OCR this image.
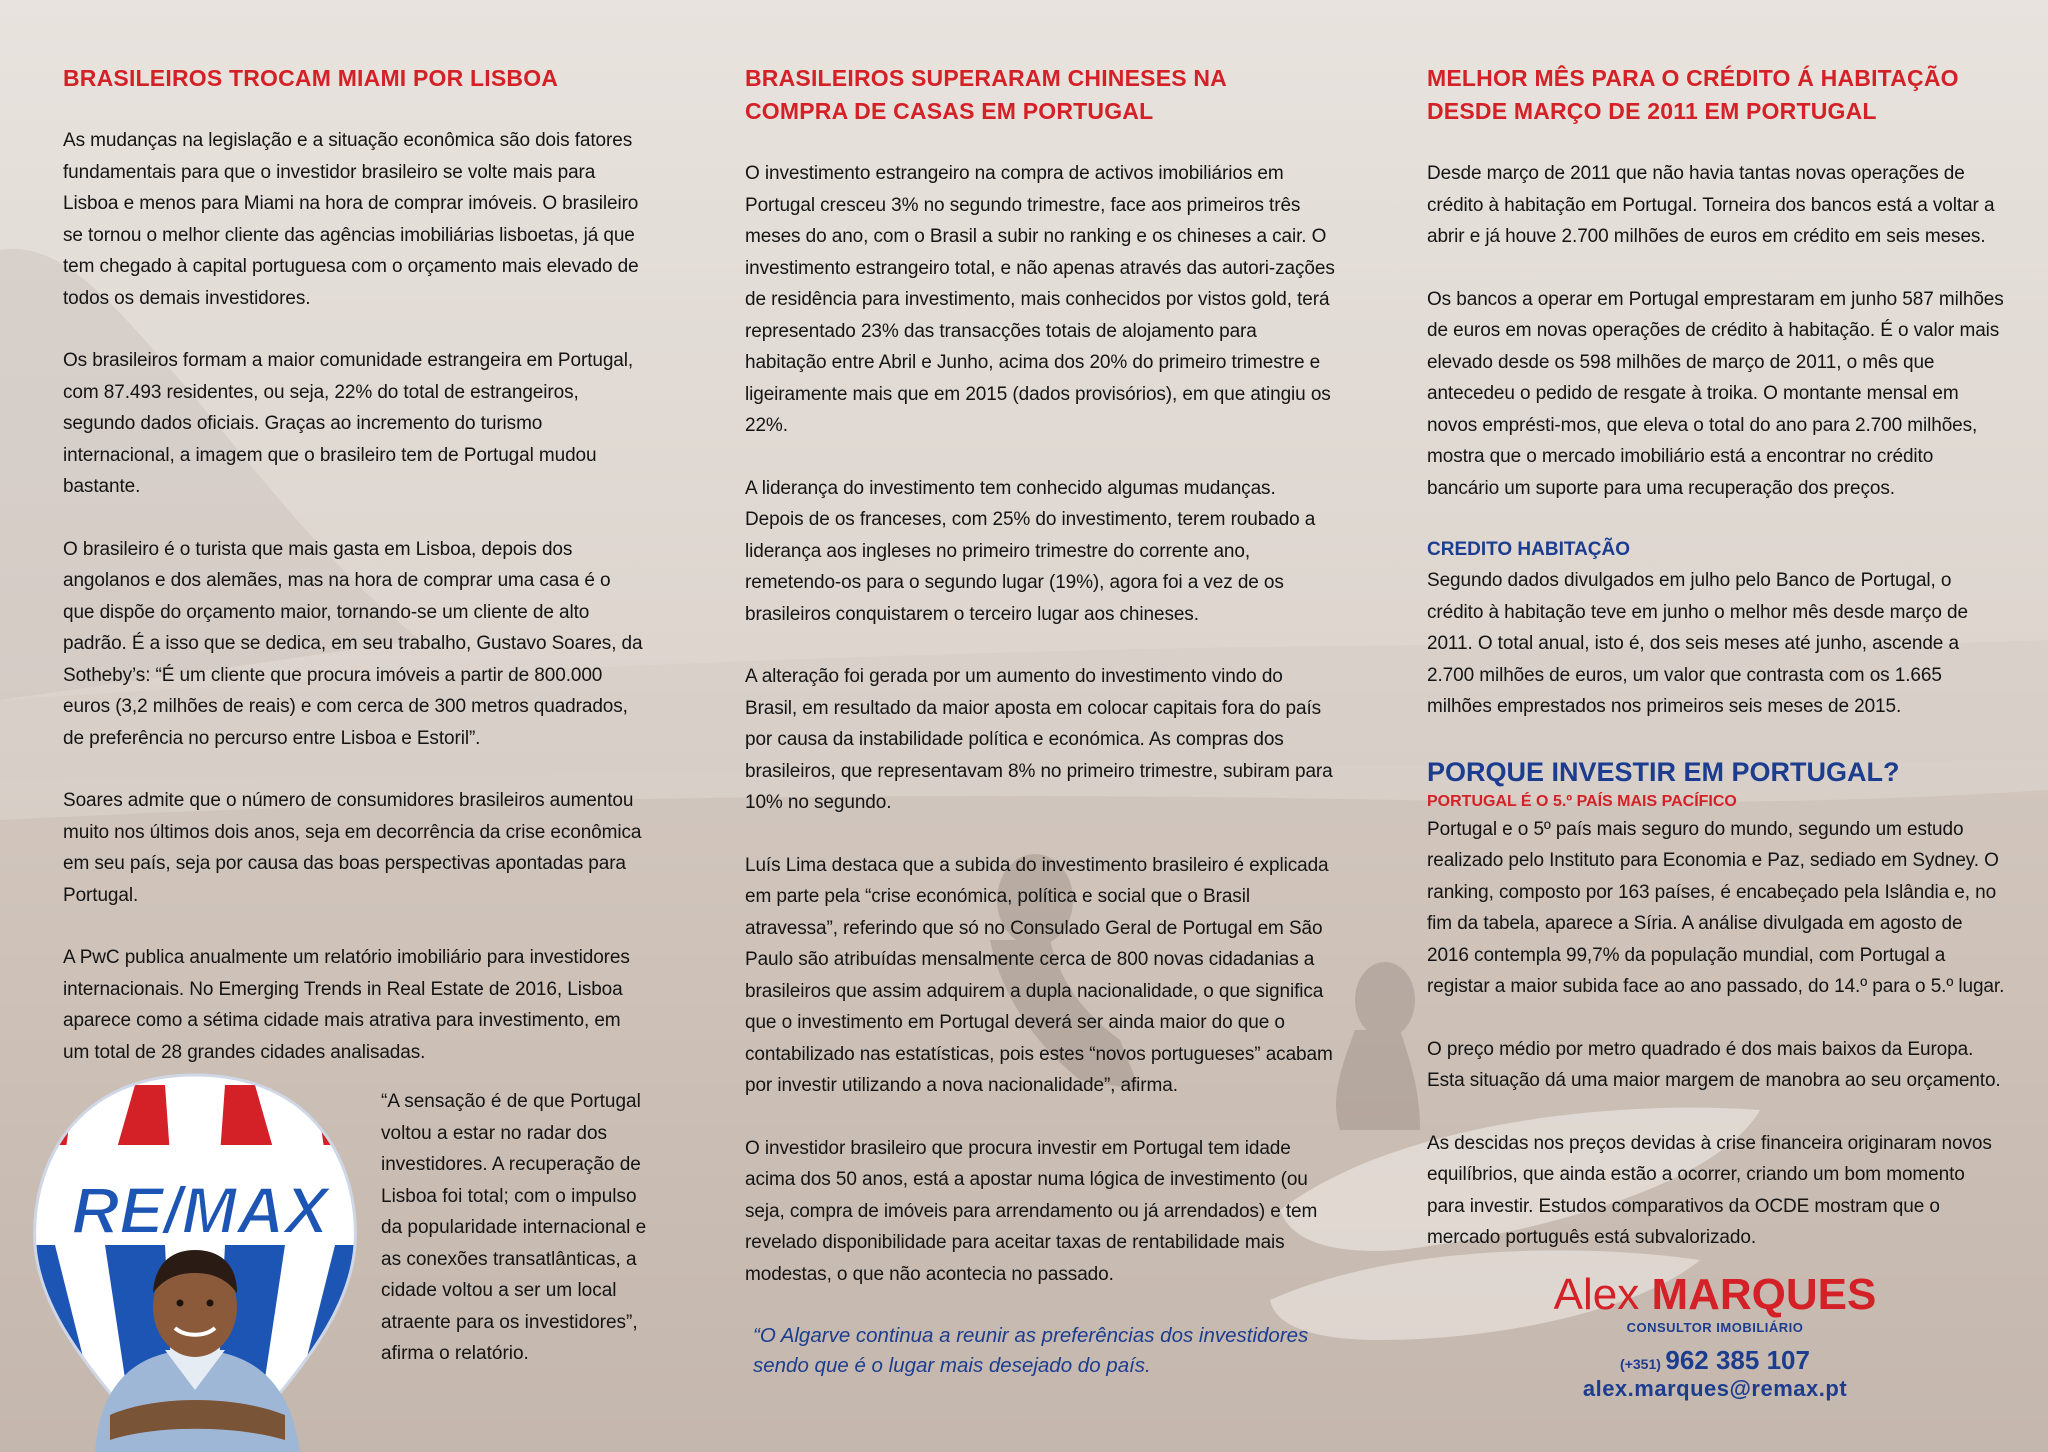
BRASILEIROS TROCAM MIAMI POR LISBOA

As mudanças na legislação e a situação econômica são dois fatores fundamentais para que o investidor brasileiro se volte mais para Lisboa e menos para Miami na hora de comprar imóveis. O brasileiro se tornou o melhor cliente das agências imobiliárias lisboetas, já que tem chegado à capital portuguesa com o orçamento mais elevado de todos os demais investidores.

Os brasileiros formam a maior comunidade estrangeira em Portugal, com 87.493 residentes, ou seja, 22% do total de estrangeiros, segundo dados oficiais. Graças ao incremento do turismo internacional, a imagem que o brasileiro tem de Portugal mudou bastante.

O brasileiro é o turista que mais gasta em Lisboa, depois dos angolanos e dos alemães, mas na hora de comprar uma casa é o que dispõe do orçamento maior, tornando-se um cliente de alto padrão. É a isso que se dedica, em seu trabalho, Gustavo Soares, da Sotheby’s: “É um cliente que procura imóveis a partir de 800.000 euros (3,2 milhões de reais) e com cerca de 300 metros quadrados, de preferência no percurso entre Lisboa e Estoril”.

Soares admite que o número de consumidores brasileiros aumentou muito nos últimos dois anos, seja em decorrência da crise econômica em seu país, seja por causa das boas perspectivas apontadas para Portugal.

A PwC publica anualmente um relatório imobiliário para investidores internacionais. No Emerging Trends in Real Estate de 2016, Lisboa aparece como a sétima cidade mais atrativa para investimento, em um total de 28 grandes cidades analisadas.

RE/MAX
“A sensação é de que Portugal voltou a estar no radar dos investidores. A recuperação de Lisboa foi total; com o impulso da popularidade internacional e as conexões transatlânticas, a cidade voltou a ser um local atraente para os investidores”, afirma o relatório.
BRASILEIROS SUPERARAM CHINESES NA COMPRA DE CASAS EM PORTUGAL

O investimento estrangeiro na compra de activos imobiliários em Portugal cresceu 3% no segundo trimestre, face aos primeiros três meses do ano, com o Brasil a subir no ranking e os chineses a cair. O investimento estrangeiro total, e não apenas através das autori-zações de residência para investimento, mais conhecidos por vistos gold, terá representado 23% das transacções totais de alojamento para habitação entre Abril e Junho, acima dos 20% do primeiro trimestre e ligeiramente mais que em 2015 (dados provisórios), em que atingiu os 22%.

A liderança do investimento tem conhecido algumas mudanças. Depois de os franceses, com 25% do investimento, terem roubado a liderança aos ingleses no primeiro trimestre do corrente ano, remetendo-os para o segundo lugar (19%), agora foi a vez de os brasileiros conquistarem o terceiro lugar aos chineses.

A alteração foi gerada por um aumento do investimento vindo do Brasil, em resultado da maior aposta em colocar capitais fora do país por causa da instabilidade política e económica. As compras dos brasileiros, que representavam 8% no primeiro trimestre, subiram para 10% no segundo.

Luís Lima destaca que a subida do investimento brasileiro é explicada em parte pela “crise económica, política e social que o Brasil atravessa”, referindo que só no Consulado Geral de Portugal em São Paulo são atribuídas mensalmente cerca de 800 novas cidadanias a brasileiros que assim adquirem a dupla nacionalidade, o que significa que o investimento em Portugal deverá ser ainda maior do que o contabilizado nas estatísticas, pois estes “novos portugueses” acabam por investir utilizando a nova nacionalidade”, afirma.

O investidor brasileiro que procura investir em Portugal tem idade acima dos 50 anos, está a apostar numa lógica de investimento (ou seja, compra de imóveis para arrendamento ou já arrendados) e tem revelado disponibilidade para aceitar taxas de rentabilidade mais modestas, o que não acontecia no passado.

“O Algarve continua a reunir as preferências dos investidores sendo que é o lugar mais desejado do país.
MELHOR MÊS PARA O CRÉDITO Á HABITAÇÃO DESDE MARÇO DE 2011 EM PORTUGAL

Desde março de 2011 que não havia tantas novas operações de crédito à habitação em Portugal. Torneira dos bancos está a voltar a abrir e já houve 2.700 milhões de euros em crédito em seis meses.

Os bancos a operar em Portugal emprestaram em junho 587 milhões de euros em novas operações de crédito à habitação. É o valor mais elevado desde os 598 milhões de março de 2011, o mês que antecedeu o pedido de resgate à troika. O montante mensal em novos emprésti-mos, que eleva o total do ano para 2.700 milhões, mostra que o mercado imobiliário está a encontrar no crédito bancário um suporte para uma recuperação dos preços.

CREDITO HABITAÇÃO

Segundo dados divulgados em julho pelo Banco de Portugal, o crédito à habitação teve em junho o melhor mês desde março de 2011. O total anual, isto é, dos seis meses até junho, ascende a 2.700 milhões de euros, um valor que contrasta com os 1.665 milhões emprestados nos primeiros seis meses de 2015.

PORQUE INVESTIR EM PORTUGAL?
PORTUGAL É O 5.º PAÍS MAIS PACÍFICO

Portugal e o 5º país mais seguro do mundo, segundo um estudo realizado pelo Instituto para Economia e Paz, sediado em Sydney. O ranking, composto por 163 países, é encabeçado pela Islândia e, no fim da tabela, aparece a Síria. A análise divulgada em agosto de 2016 contempla 99,7% da população mundial, com Portugal a registar a maior subida face ao ano passado, do 14.º para o 5.º lugar.

O preço médio por metro quadrado é dos mais baixos da Europa. Esta situação dá uma maior margem de manobra ao seu orçamento.

As descidas nos preços devidas à crise financeira originaram novos equilíbrios, que ainda estão a ocorrer, criando um bom momento para investir. Estudos comparativos da OCDE mostram que o mercado português está subvalorizado.

Alex MARQUES
CONSULTOR IMOBILIÁRIO
(+351) 962 385 107
alex.marques@remax.pt
